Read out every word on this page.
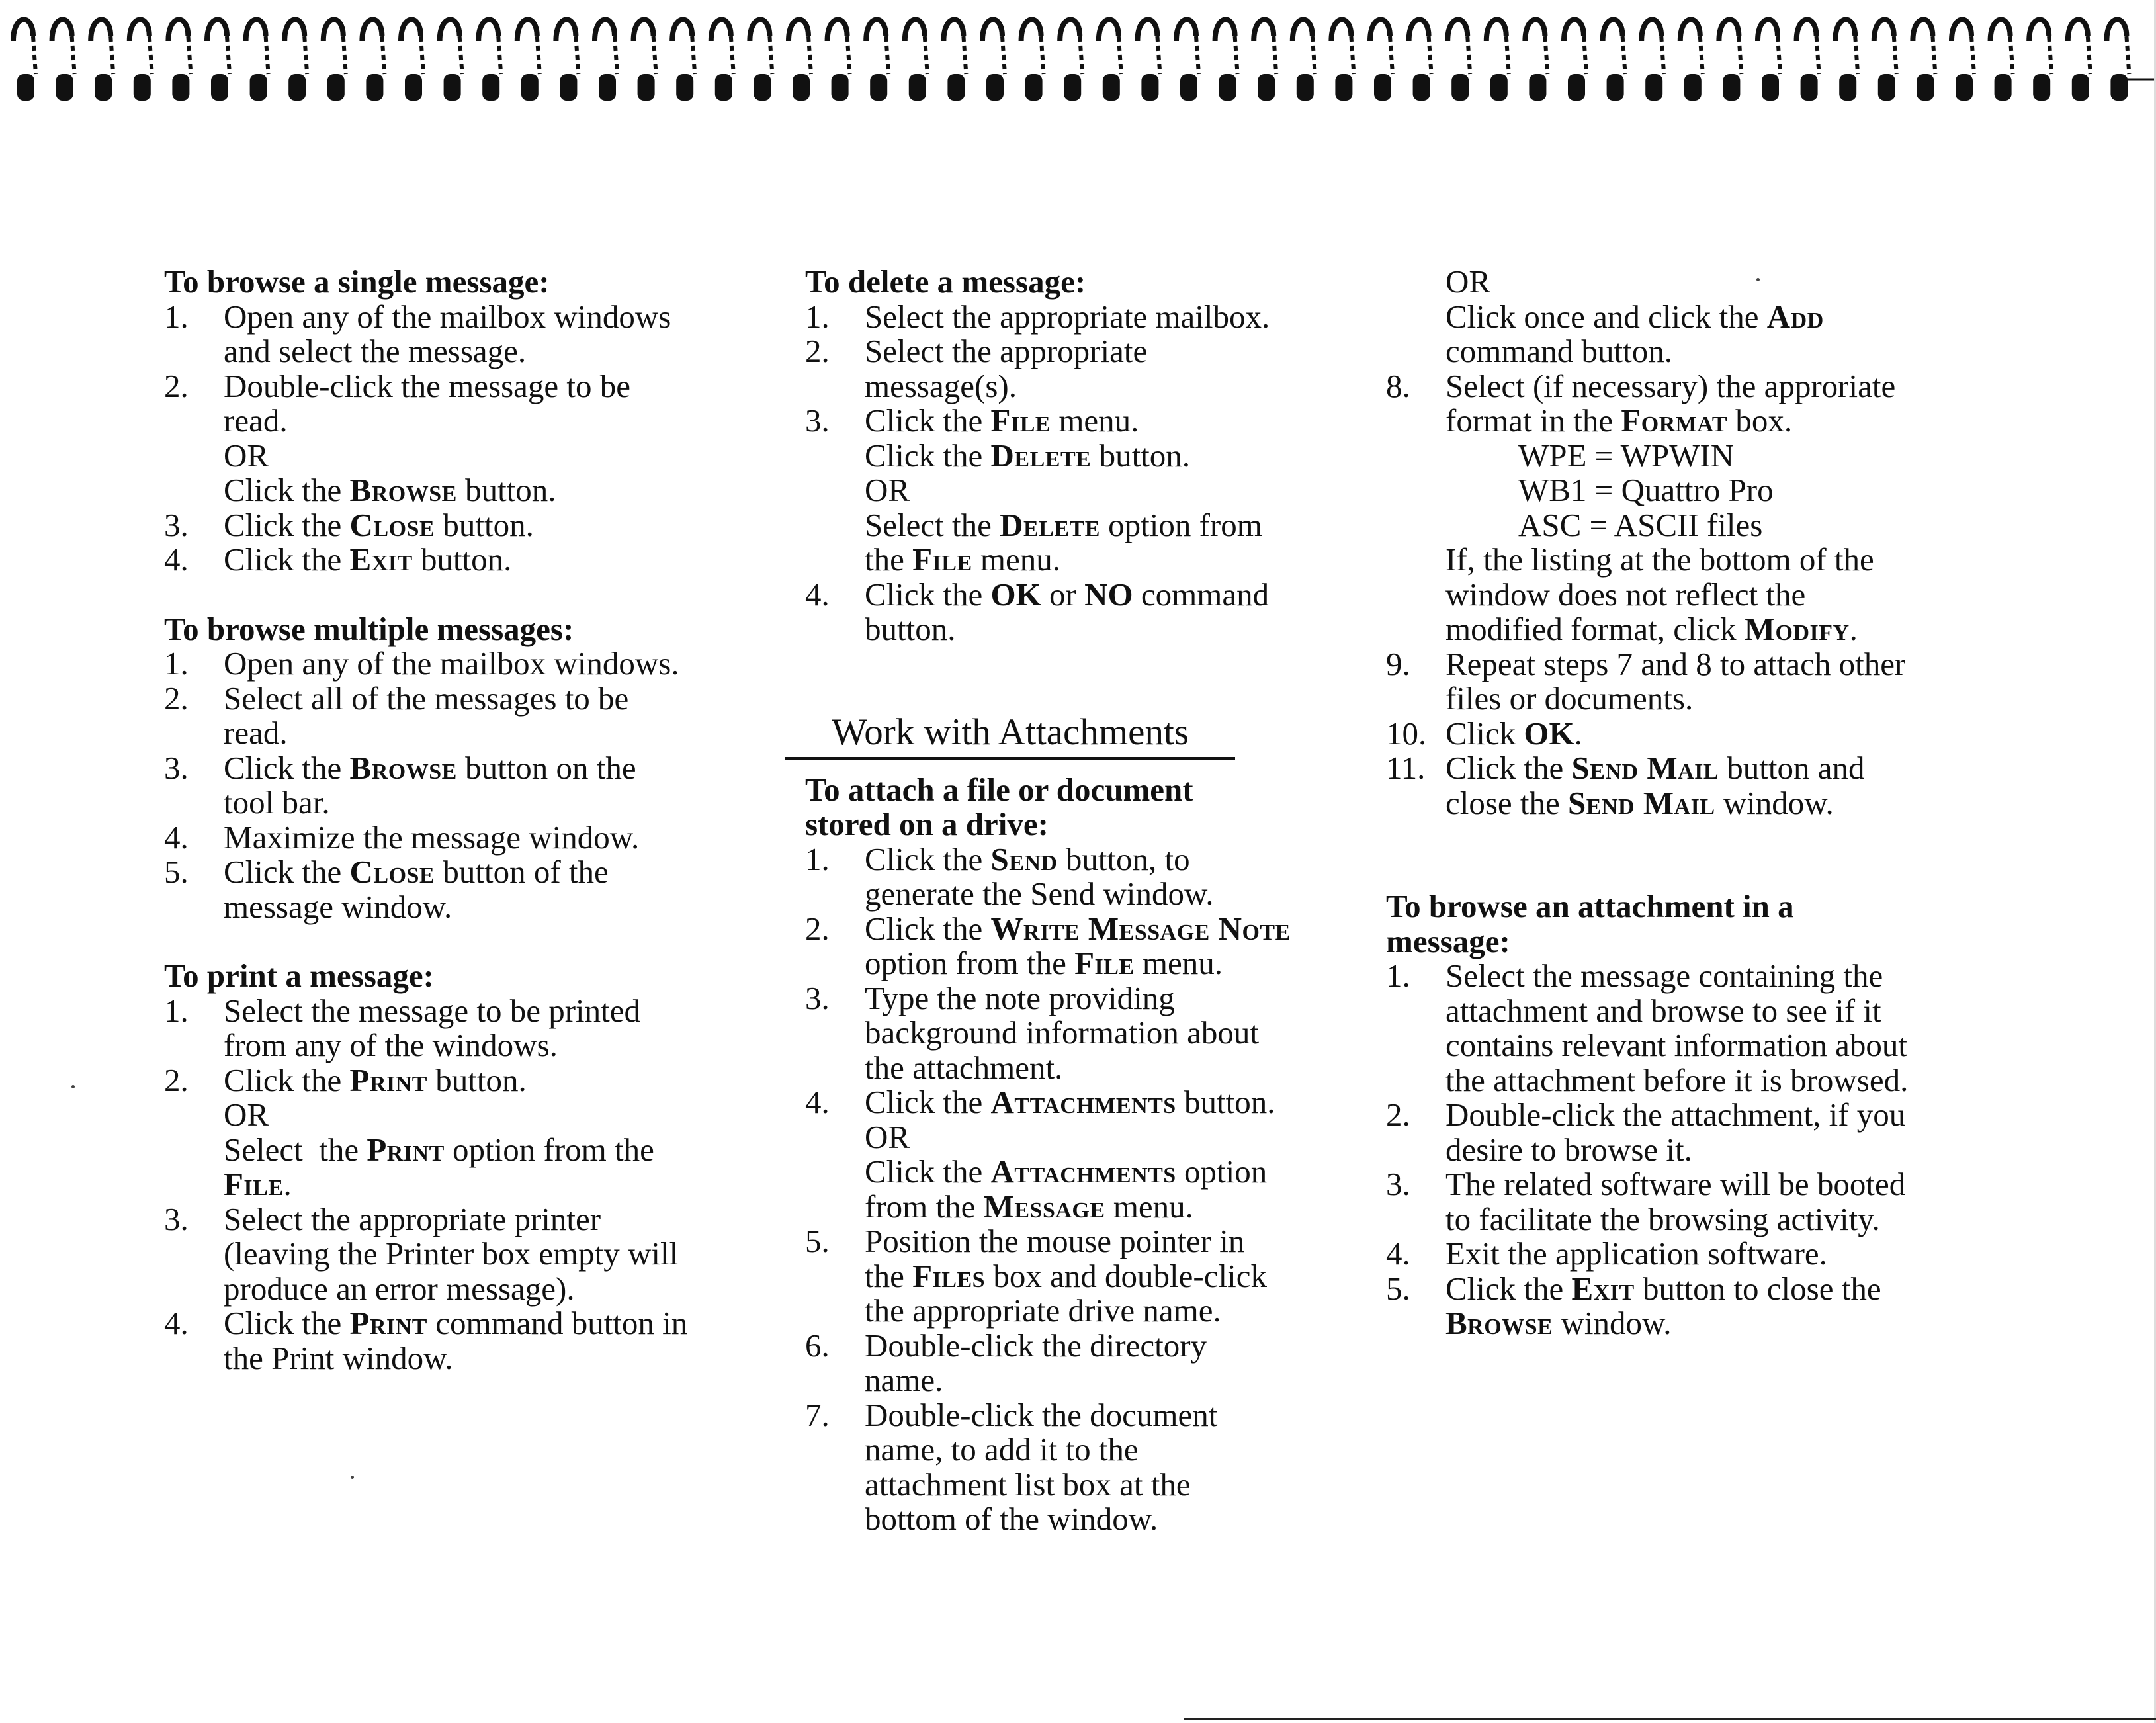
To browse a single message:

1. Open any of the mailbox windows
and select the message.
2. Double-click the message to be
read.
OR
Click the Browse button.
3. Click the Close button.
4. Click the Exit button.

To browse multiple messages:

1. Open any of the mailbox windows.
2. Select all of the messages to be
read.
3. Click the Browse button on the
tool bar.
4. Maximize the message window.
5. Click the Close button of the
message window.

To print a message:

1. Select the message to be printed
from any of the windows.
2. Click the Print button.
OR
Select  the Print option from the
File.
3. Select the appropriate printer
(leaving the Printer box empty will
produce an error message).
4. Click the Print command button in
the Print window.

To delete a message:

1. Select the appropriate mailbox.
2. Select the appropriate
message(s).
3. Click the File menu.
Click the Delete button.
OR
Select the Delete option from
the File menu.
4. Click the OK or NO command
button.
Work with Attachments

To attach a file or document

stored on a drive:

1. Click the Send button, to
generate the Send window.
2. Click the Write Message Note
option from the File menu.
3. Type the note providing
background information about
the attachment.
4. Click the Attachments button.
OR
Click the Attachments option
from the Message menu.
5. Position the mouse pointer in
the Files box and double-click
the appropriate drive name.
6. Double-click the directory
name.
7. Double-click the document
name, to add it to the
attachment list box at the
bottom of the window.
OR
Click once and click the Add
command button.
8. Select (if necessary) the approriate
format in the Format box.
WPE = WPWIN
WB1 = Quattro Pro
ASC = ASCII files
If, the listing at the bottom of the
window does not reflect the
modified format, click Modify.
9. Repeat steps 7 and 8 to attach other
files or documents.
10. Click OK.
11. Click the Send Mail button and
close the Send Mail window.

To browse an attachment in a

message:

1. Select the message containing the
attachment and browse to see if it
contains relevant information about
the attachment before it is browsed.
2. Double-click the attachment, if you
desire to browse it.
3. The related software will be booted
to facilitate the browsing activity.
4. Exit the application software.
5. Click the Exit button to close the
Browse window.
